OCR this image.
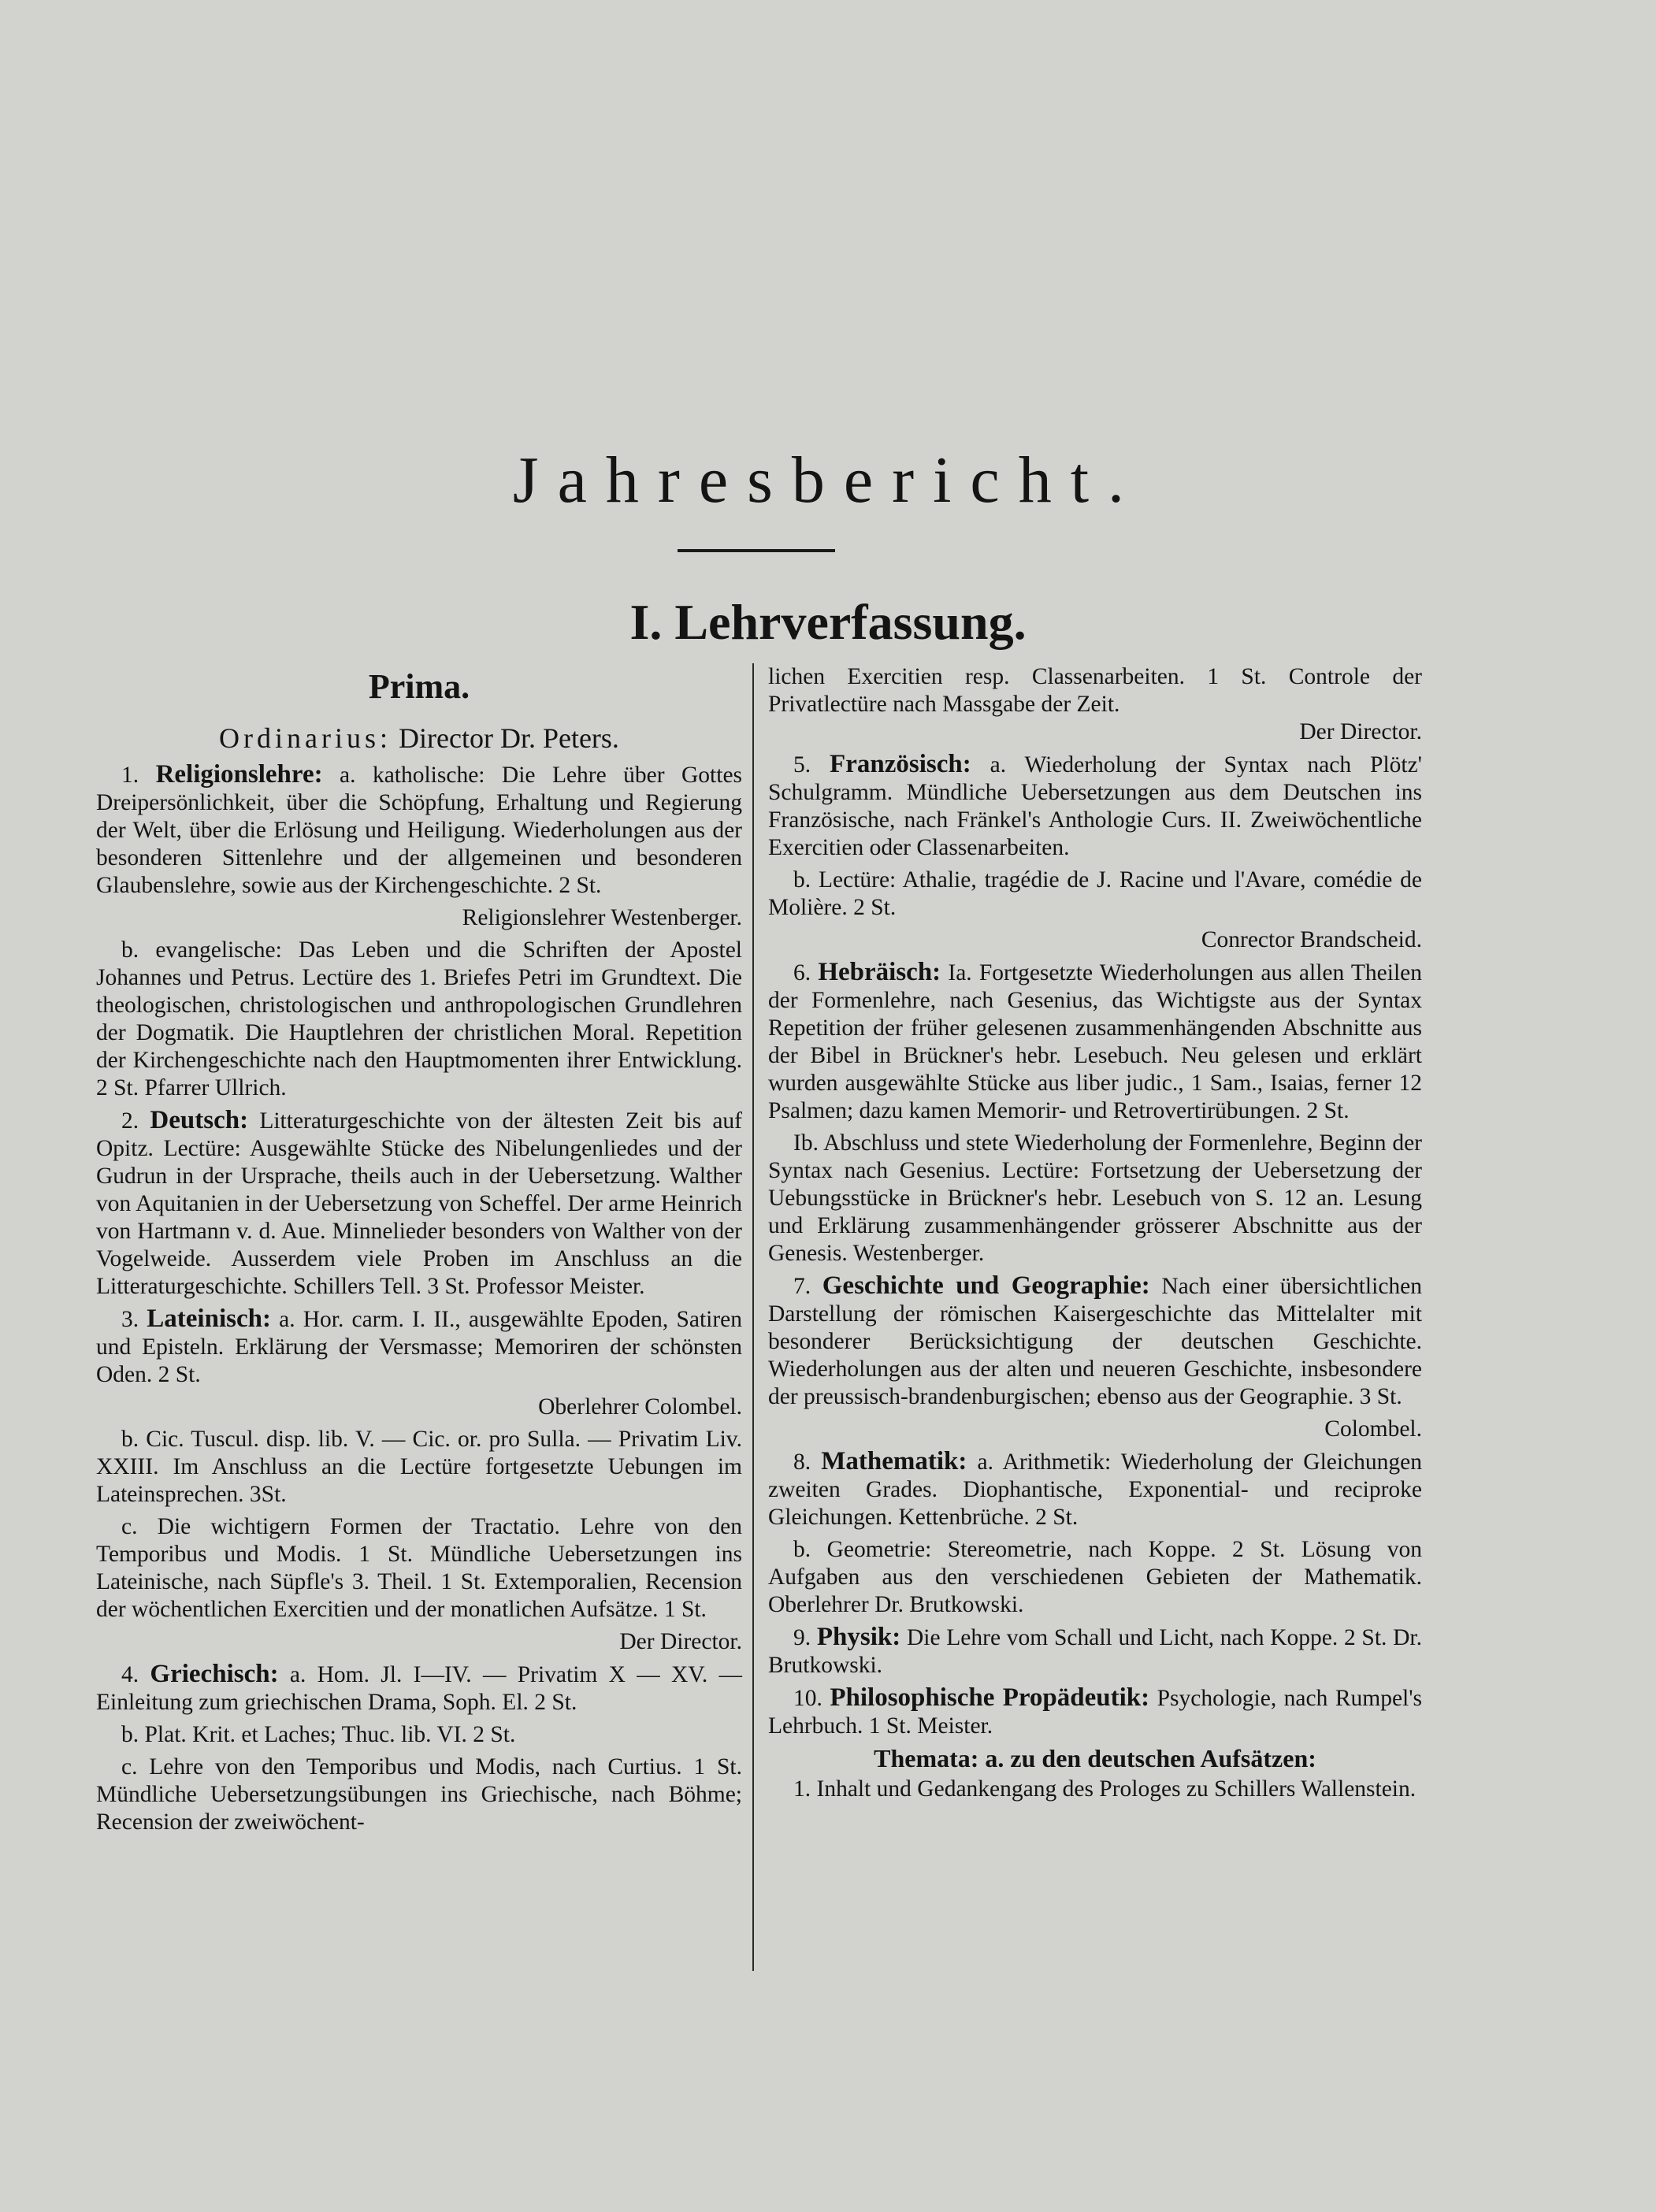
Jahresbericht.
I. Lehrverfassung.
Prima.
Ordinarius: Director Dr. Peters.

1. Religionslehre: a. katholische: Die Lehre über Gottes Dreipersönlichkeit, über die Schöpfung, Erhaltung und Regierung der Welt, über die Erlösung und Heiligung. Wiederholungen aus der besonderen Sittenlehre und der allgemeinen und besonderen Glaubenslehre, sowie aus der Kirchengeschichte. 2 St.

Religionslehrer Westenberger.

b. evangelische: Das Leben und die Schriften der Apostel Johannes und Petrus. Lectüre des 1. Briefes Petri im Grundtext. Die theologischen, christologischen und anthropologischen Grundlehren der Dogmatik. Die Hauptlehren der christlichen Moral. Repetition der Kirchengeschichte nach den Hauptmomenten ihrer Entwicklung. 2 St. Pfarrer Ullrich.

2. Deutsch: Litteraturgeschichte von der ältesten Zeit bis auf Opitz. Lectüre: Ausgewählte Stücke des Nibelungenliedes und der Gudrun in der Ursprache, theils auch in der Uebersetzung. Walther von Aquitanien in der Uebersetzung von Scheffel. Der arme Heinrich von Hartmann v. d. Aue. Minnelieder besonders von Walther von der Vogelweide. Ausserdem viele Proben im Anschluss an die Litteraturgeschichte. Schillers Tell. 3 St. Professor Meister.

3. Lateinisch: a. Hor. carm. I. II., ausgewählte Epoden, Satiren und Episteln. Erklärung der Versmasse; Memoriren der schönsten Oden. 2 St.

Oberlehrer Colombel.

b. Cic. Tuscul. disp. lib. V. — Cic. or. pro Sulla. — Privatim Liv. XXIII. Im Anschluss an die Lectüre fortgesetzte Uebungen im Lateinsprechen. 3St.

c. Die wichtigern Formen der Tractatio. Lehre von den Temporibus und Modis. 1 St. Mündliche Uebersetzungen ins Lateinische, nach Süpfle's 3. Theil. 1 St. Extemporalien, Recension der wöchentlichen Exercitien und der monatlichen Aufsätze. 1 St.

Der Director.

4. Griechisch: a. Hom. Jl. I—IV. — Privatim X — XV. — Einleitung zum griechischen Drama, Soph. El. 2 St.

b. Plat. Krit. et Laches; Thuc. lib. VI. 2 St.

c. Lehre von den Temporibus und Modis, nach Curtius. 1 St. Mündliche Uebersetzungsübungen ins Griechische, nach Böhme; Recension der zweiwöchent-

lichen Exercitien resp. Classenarbeiten. 1 St. Controle der Privatlectüre nach Massgabe der Zeit.

Der Director.

5. Französisch: a. Wiederholung der Syntax nach Plötz' Schulgramm. Mündliche Uebersetzungen aus dem Deutschen ins Französische, nach Fränkel's Anthologie Curs. II. Zweiwöchentliche Exercitien oder Classenarbeiten.

b. Lectüre: Athalie, tragédie de J. Racine und l'Avare, comédie de Molière. 2 St.

Conrector Brandscheid.

6. Hebräisch: Ia. Fortgesetzte Wiederholungen aus allen Theilen der Formenlehre, nach Gesenius, das Wichtigste aus der Syntax Repetition der früher gelesenen zusammenhängenden Abschnitte aus der Bibel in Brückner's hebr. Lesebuch. Neu gelesen und erklärt wurden ausgewählte Stücke aus liber judic., 1 Sam., Isaias, ferner 12 Psalmen; dazu kamen Memorir- und Retrovertirübungen. 2 St.

Ib. Abschluss und stete Wiederholung der Formenlehre, Beginn der Syntax nach Gesenius. Lectüre: Fortsetzung der Uebersetzung der Uebungsstücke in Brückner's hebr. Lesebuch von S. 12 an. Lesung und Erklärung zusammenhängender grösserer Abschnitte aus der Genesis. Westenberger.

7. Geschichte und Geographie: Nach einer übersichtlichen Darstellung der römischen Kaisergeschichte das Mittelalter mit besonderer Berücksichtigung der deutschen Geschichte. Wiederholungen aus der alten und neueren Geschichte, insbesondere der preussisch-brandenburgischen; ebenso aus der Geographie. 3 St.

Colombel.

8. Mathematik: a. Arithmetik: Wiederholung der Gleichungen zweiten Grades. Diophantische, Exponential- und reciproke Gleichungen. Kettenbrüche. 2 St.

b. Geometrie: Stereometrie, nach Koppe. 2 St. Lösung von Aufgaben aus den verschiedenen Gebieten der Mathematik. Oberlehrer Dr. Brutkowski.

9. Physik: Die Lehre vom Schall und Licht, nach Koppe. 2 St. Dr. Brutkowski.

10. Philosophische Propädeutik: Psychologie, nach Rumpel's Lehrbuch. 1 St. Meister.

Themata: a. zu den deutschen Aufsätzen:

1. Inhalt und Gedankengang des Prologes zu Schillers Wallenstein.
